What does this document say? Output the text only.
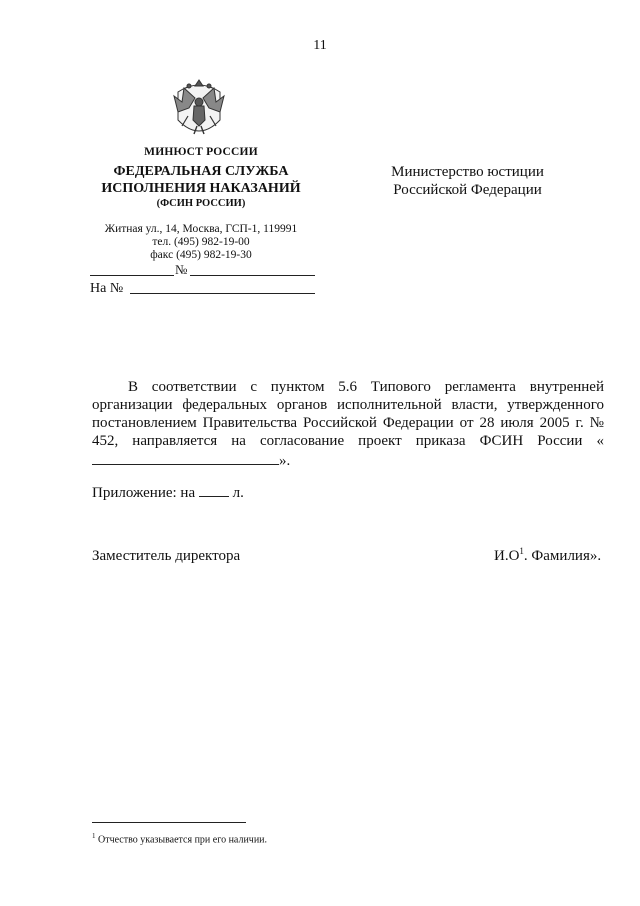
11
МИНЮСТ РОССИИ
ФЕДЕРАЛЬНАЯ СЛУЖБА
ИСПОЛНЕНИЯ НАКАЗАНИЙ
(ФСИН РОССИИ)
Житная ул., 14, Москва, ГСП-1, 119991
тел. (495) 982-19-00
факс (495) 982-19-30
№
На №
Министерство юстиции
Российской Федерации

В соответствии с пунктом 5.6 Типового регламента внутренней организации федеральных органов исполнительной власти, утвержденного постановлением Правительства Российской Федерации от 28 июля 2005 г. № 452, направляется на согласование проект приказа ФСИН России «».

Приложение: на	л.
Заместитель директора	$И.О^1$. Фамилия».
$^1$ Отчество указывается при его наличии.
